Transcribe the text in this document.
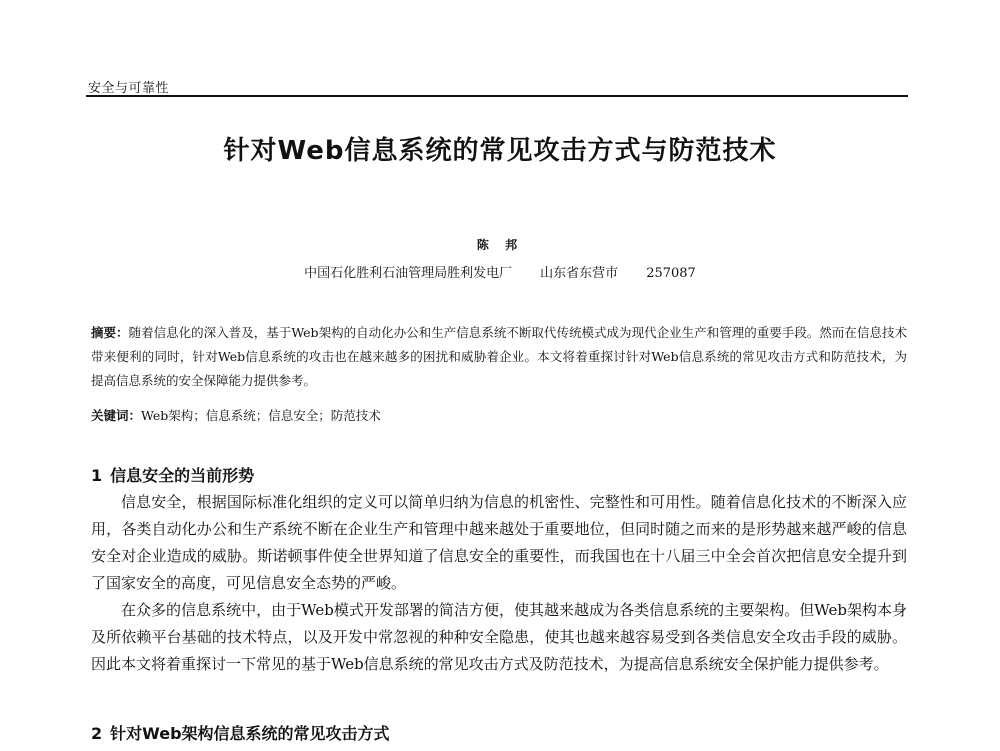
安全与可靠性
针对Web信息系统的常见攻击方式与防范技术
陈 邦
中国石化胜利石油管理局胜利发电厂 山东省东营市 257087
摘要：随着信息化的深入普及，基于Web架构的自动化办公和生产信息系统不断取代传统模式成为现代企业生产和管理的重要手段。然而在信息技术带来便利的同时，针对Web信息系统的攻击也在越来越多的困扰和威胁着企业。本文将着重探讨针对Web信息系统的常见攻击方式和防范技术，为提高信息系统的安全保障能力提供参考。
关键词：Web架构；信息系统；信息安全；防范技术
1 信息安全的当前形势

信息安全，根据国际标准化组织的定义可以简单归纳为信息的机密性、完整性和可用性。随着信息化技术的不断深入应用，各类自动化办公和生产系统不断在企业生产和管理中越来越处于重要地位，但同时随之而来的是形势越来越严峻的信息安全对企业造成的威胁。斯诺顿事件使全世界知道了信息安全的重要性，而我国也在十八届三中全会首次把信息安全提升到了国家安全的高度，可见信息安全态势的严峻。

在众多的信息系统中，由于Web模式开发部署的简洁方便，使其越来越成为各类信息系统的主要架构。但Web架构本身及所依赖平台基础的技术特点，以及开发中常忽视的种种安全隐患，使其也越来越容易受到各类信息安全攻击手段的威胁。因此本文将着重探讨一下常见的基于Web信息系统的常见攻击方式及防范技术，为提高信息系统安全保护能力提供参考。

2 针对Web架构信息系统的常见攻击方式
